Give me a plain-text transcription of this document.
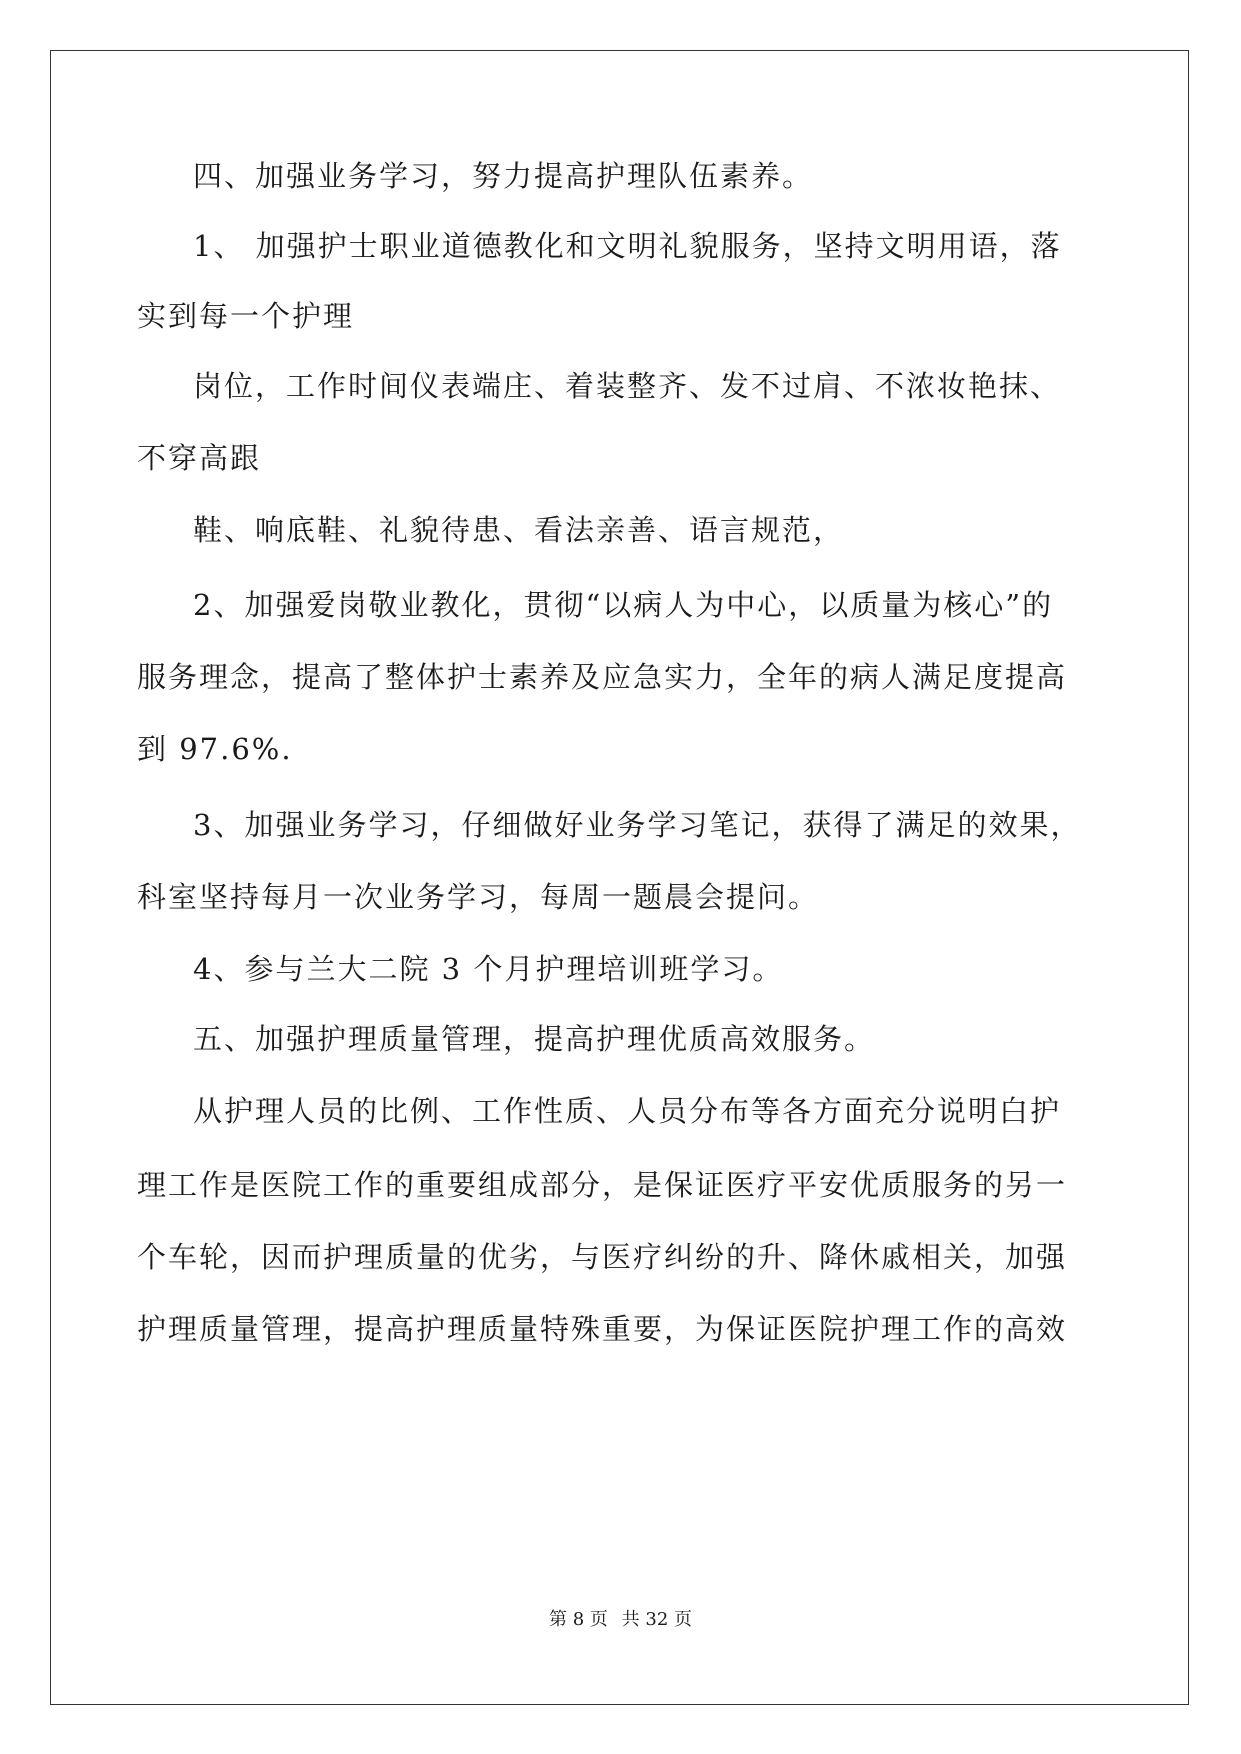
四、加强业务学习，努力提高护理队伍素养。
1、 加强护士职业道德教化和文明礼貌服务，坚持文明用语，落
实到每一个护理
岗位，工作时间仪表端庄、着装整齐、发不过肩、不浓妆艳抹、
不穿高跟
鞋、响底鞋、礼貌待患、看法亲善、语言规范，
2、加强爱岗敬业教化，贯彻“以病人为中心，以质量为核心”的
服务理念，提高了整体护士素养及应急实力，全年的病人满足度提高
到 97.6%.
3、加强业务学习，仔细做好业务学习笔记，获得了满足的效果，
科室坚持每月一次业务学习，每周一题晨会提问。
4、参与兰大二院 3 个月护理培训班学习。
五、加强护理质量管理，提高护理优质高效服务。
从护理人员的比例、工作性质、人员分布等各方面充分说明白护
理工作是医院工作的重要组成部分，是保证医疗平安优质服务的另一
个车轮，因而护理质量的优劣，与医疗纠纷的升、降休戚相关，加强
护理质量管理，提高护理质量特殊重要，为保证医院护理工作的高效
第 8 页 共 32 页
